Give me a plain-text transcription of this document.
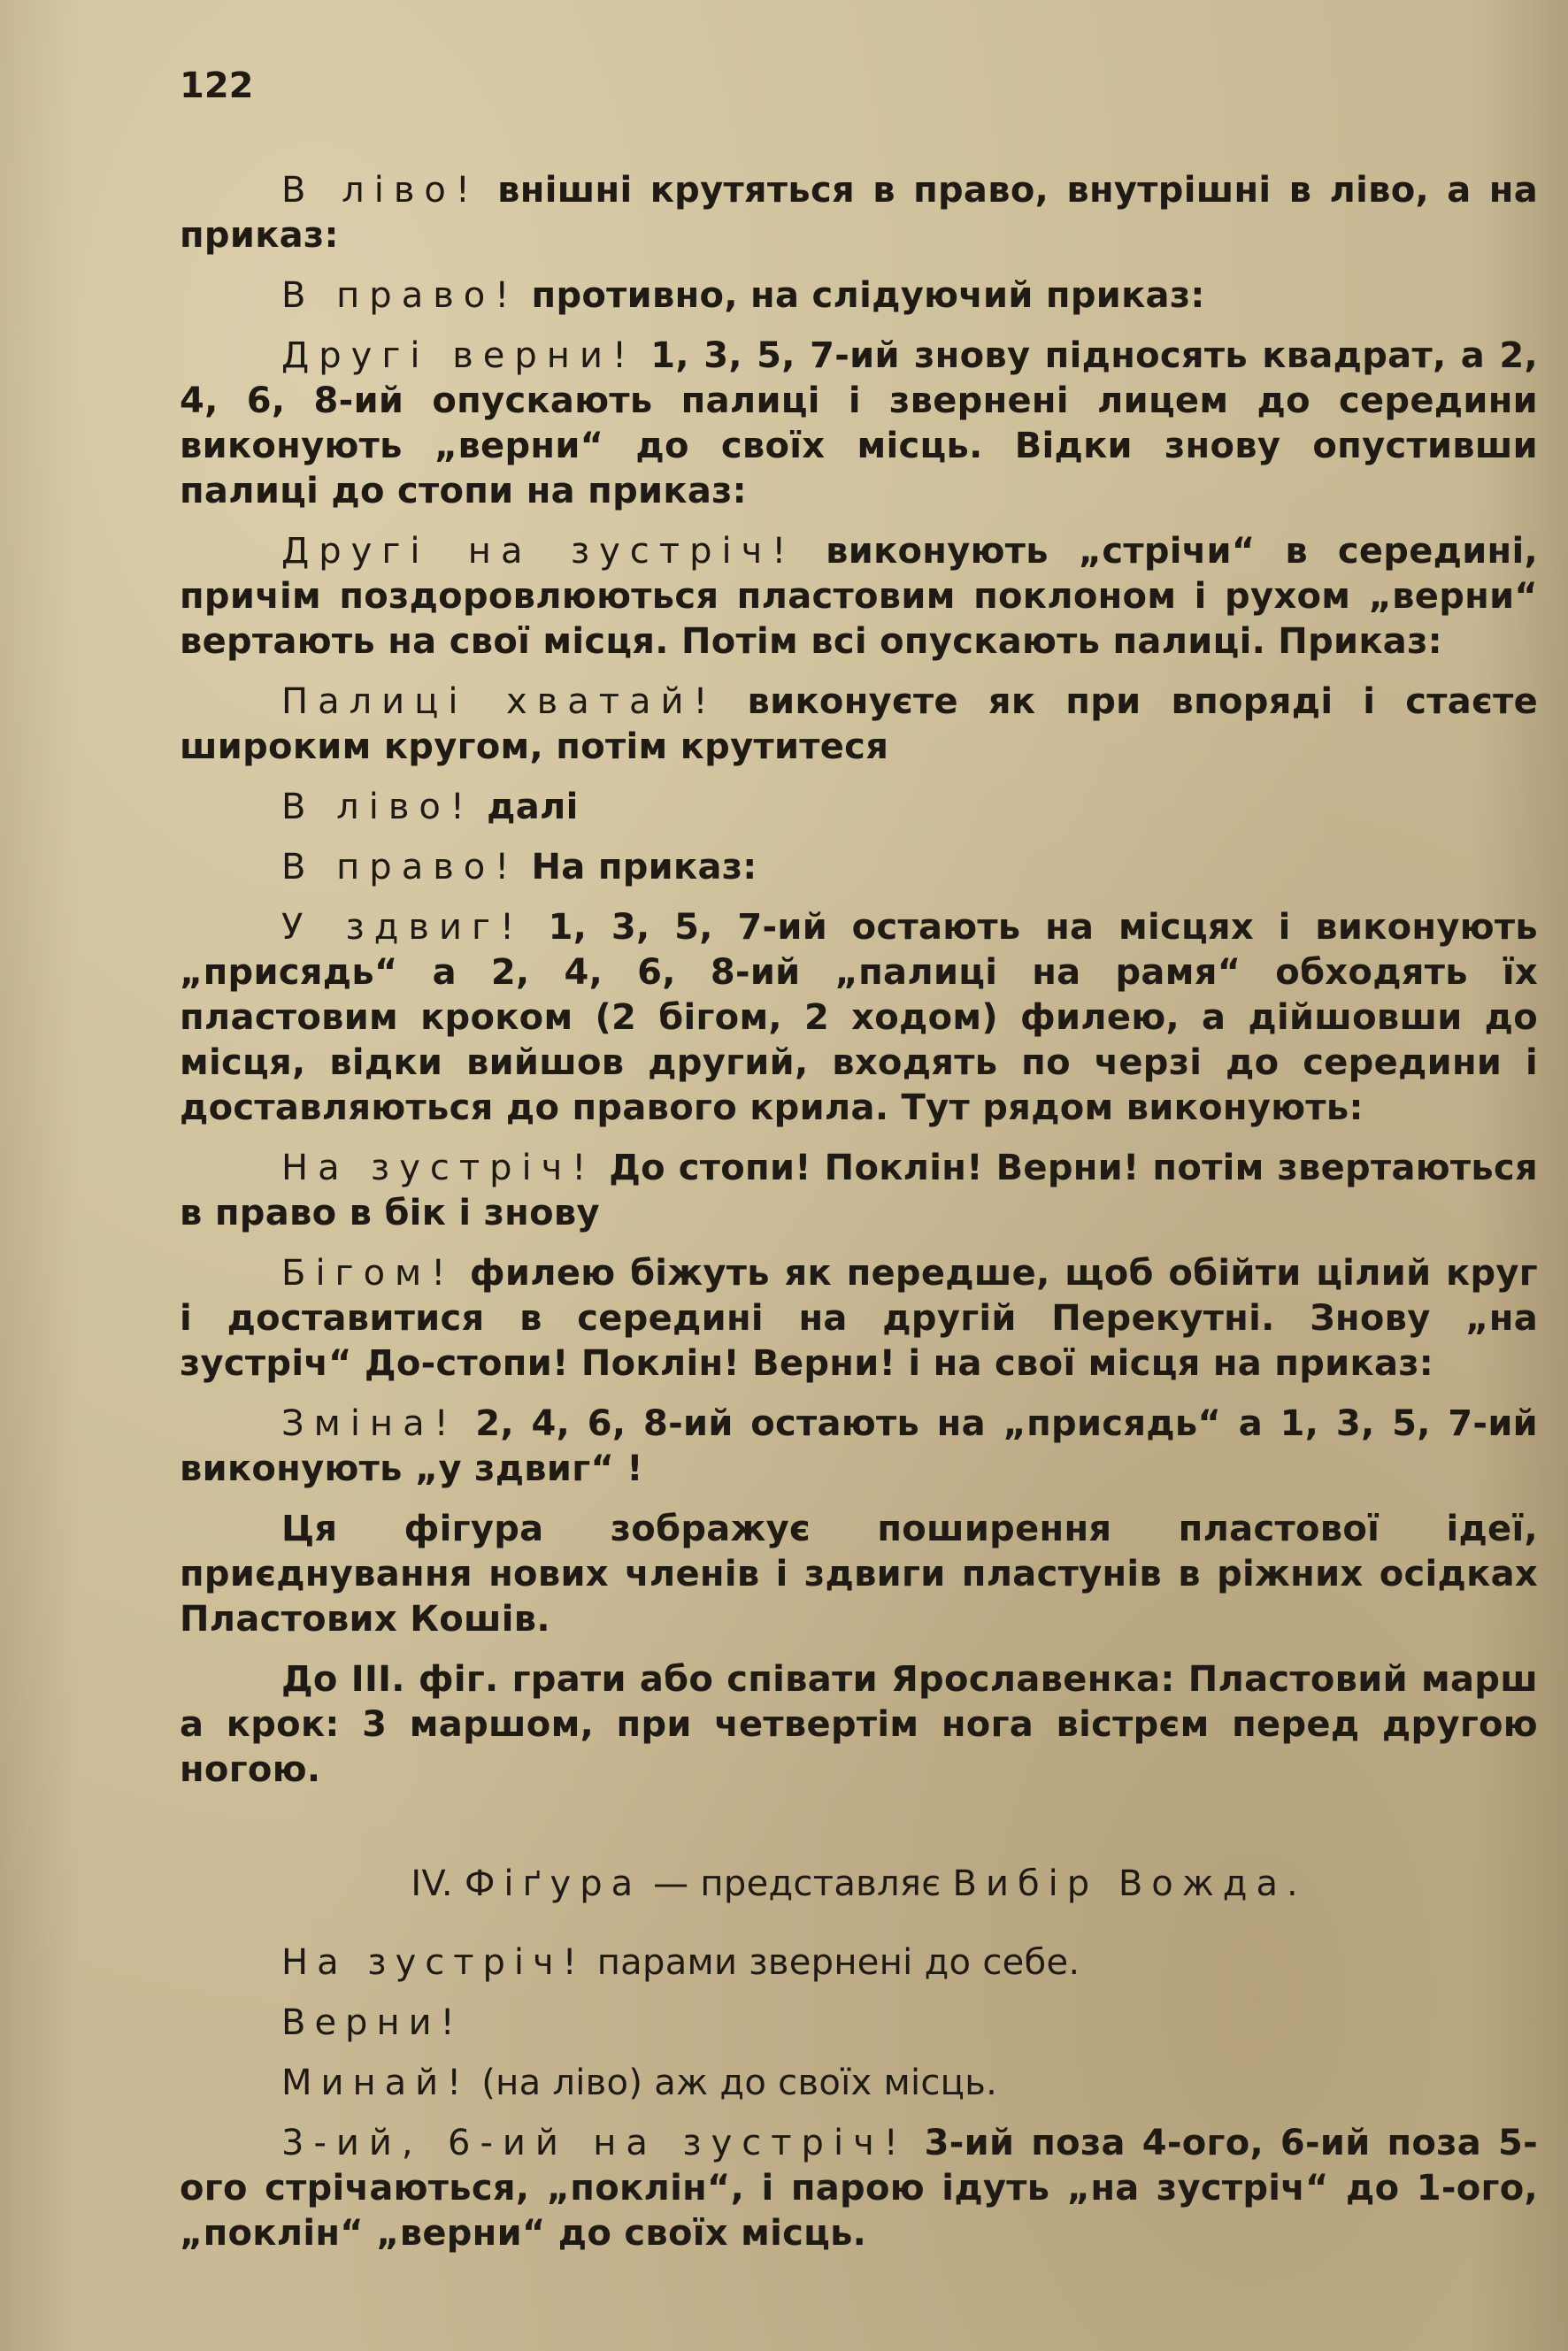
122

В ліво! внішні крутяться в право, внутрішні в ліво, а на приказ:

В право! противно, на слідуючий приказ:

Другі верни! 1, 3, 5, 7-ий знову підносять квадрат, а 2, 4, 6, 8-ий опускають палиці і звернені лицем до середини виконують „верни“ до своїх місць. Відки знову опустивши палиці до стопи на приказ:

Другі на зустріч! виконують „стрічи“ в середині, причім поздоровлюються пластовим поклоном і рухом „верни“ вертають на свої місця. Потім всі опускають палиці. Приказ:

Палиці хватай! виконуєте як при впоряді і стаєте широким кругом, потім крутитеся

В ліво! далі

В право! На приказ:

У здвиг! 1, 3, 5, 7-ий остають на місцях і виконують „присядь“ а 2, 4, 6, 8-ий „палиці на рамя“ обходять їх пластовим кроком (2 бігом, 2 ходом) филею, а дійшовши до місця, відки вийшов другий, входять по черзі до середини і доставляються до правого крила. Тут рядом виконують:

На зустріч! До стопи! Поклін! Верни! потім звертаються в право в бік і знову

Бігом! филею біжуть як передше, щоб обійти цілий круг і доставитися в середині на другій Перекутні. Знову „на зустріч“ До-стопи! Поклін! Верни! і на свої місця на приказ:

Зміна! 2, 4, 6, 8-ий остають на „присядь“ а 1, 3, 5, 7-ий виконують „у здвиг“ !

Ця фігура зображує поширення пластової ідеї, приєднування нових членів і здвиги пластунів в ріжних осідках Пластових Кошів.

До III. фіг. грати або співати Ярославенка: Пластовий марш а крок: 3 маршом, при четвертім нога вістрєм перед другою ногою.

IV. Фіґура — представляє Вибір Вожда.

На зустріч! парами звернені до себе.

Верни!

Минай! (на ліво) аж до своїх місць.

3-ий, 6-ий на зустріч! 3-ий поза 4-ого, 6-ий поза 5-ого стрічаються, „поклін“, і парою ідуть „на зустріч“ до 1-ого, „поклін“ „верни“ до своїх місць.
